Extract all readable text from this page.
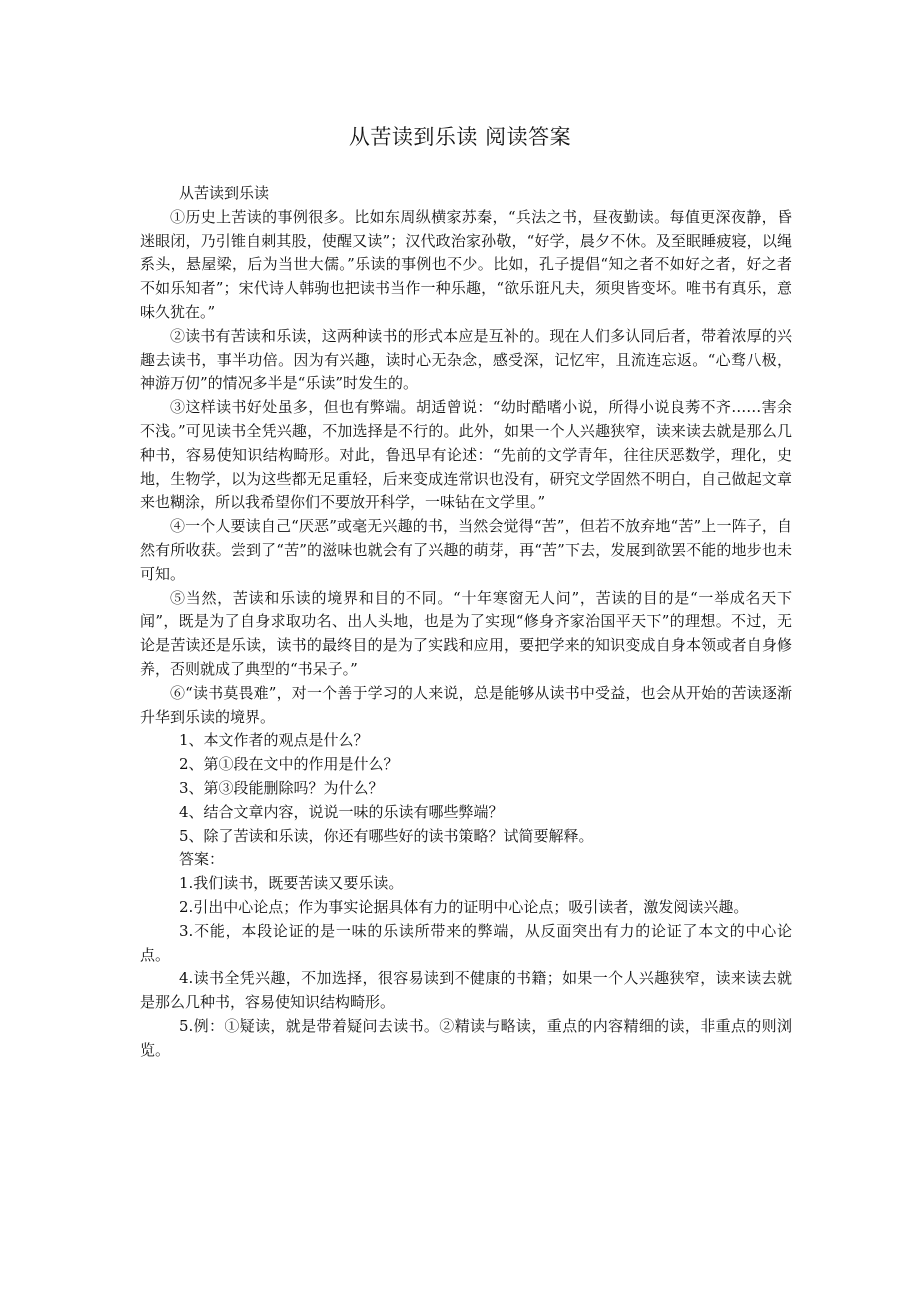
从苦读到乐读 阅读答案

从苦读到乐读

①历史上苦读的事例很多。比如东周纵横家苏秦，“兵法之书，昼夜勤读。每值更深夜静，昏迷眼闭，乃引锥自刺其股，使醒又读”；汉代政治家孙敬，“好学，晨夕不休。及至眠睡疲寝，以绳系头，悬屋梁，后为当世大儒。”乐读的事例也不少。比如，孔子提倡“知之者不如好之者，好之者不如乐知者”；宋代诗人韩驹也把读书当作一种乐趣，“欲乐诳凡夫，须臾皆变坏。唯书有真乐，意味久犹在。”

②读书有苦读和乐读，这两种读书的形式本应是互补的。现在人们多认同后者，带着浓厚的兴趣去读书，事半功倍。因为有兴趣，读时心无杂念，感受深，记忆牢，且流连忘返。“心骛八极，神游万仞”的情况多半是“乐读”时发生的。

③这样读书好处虽多，但也有弊端。胡适曾说：“幼时酷嗜小说，所得小说良莠不齐……害余不浅。”可见读书全凭兴趣，不加选择是不行的。此外，如果一个人兴趣狭窄，读来读去就是那么几种书，容易使知识结构畸形。对此，鲁迅早有论述：“先前的文学青年，往往厌恶数学，理化，史地，生物学，以为这些都无足重轻，后来变成连常识也没有，研究文学固然不明白，自己做起文章来也糊涂，所以我希望你们不要放开科学，一味钻在文学里。”

④一个人要读自己“厌恶”或毫无兴趣的书，当然会觉得“苦”，但若不放弃地“苦”上一阵子，自然有所收获。尝到了“苦”的滋味也就会有了兴趣的萌芽，再“苦”下去，发展到欲罢不能的地步也未可知。

⑤当然，苦读和乐读的境界和目的不同。“十年寒窗无人问”，苦读的目的是“一举成名天下闻”，既是为了自身求取功名、出人头地，也是为了实现“修身齐家治国平天下”的理想。不过，无论是苦读还是乐读，读书的最终目的是为了实践和应用，要把学来的知识变成自身本领或者自身修养，否则就成了典型的“书呆子。”

⑥“读书莫畏难”，对一个善于学习的人来说，总是能够从读书中受益，也会从开始的苦读逐渐升华到乐读的境界。

1、本文作者的观点是什么？

2、第①段在文中的作用是什么？

3、第③段能删除吗？为什么？

4、结合文章内容，说说一味的乐读有哪些弊端？

5、除了苦读和乐读，你还有哪些好的读书策略？试简要解释。

答案：

1.我们读书，既要苦读又要乐读。

2.引出中心论点；作为事实论据具体有力的证明中心论点；吸引读者，激发阅读兴趣。

3.不能，本段论证的是一味的乐读所带来的弊端，从反面突出有力的论证了本文的中心论点。

4.读书全凭兴趣，不加选择，很容易读到不健康的书籍；如果一个人兴趣狭窄，读来读去就是那么几种书，容易使知识结构畸形。

5.例：①疑读，就是带着疑问去读书。②精读与略读，重点的内容精细的读，非重点的则浏览。
